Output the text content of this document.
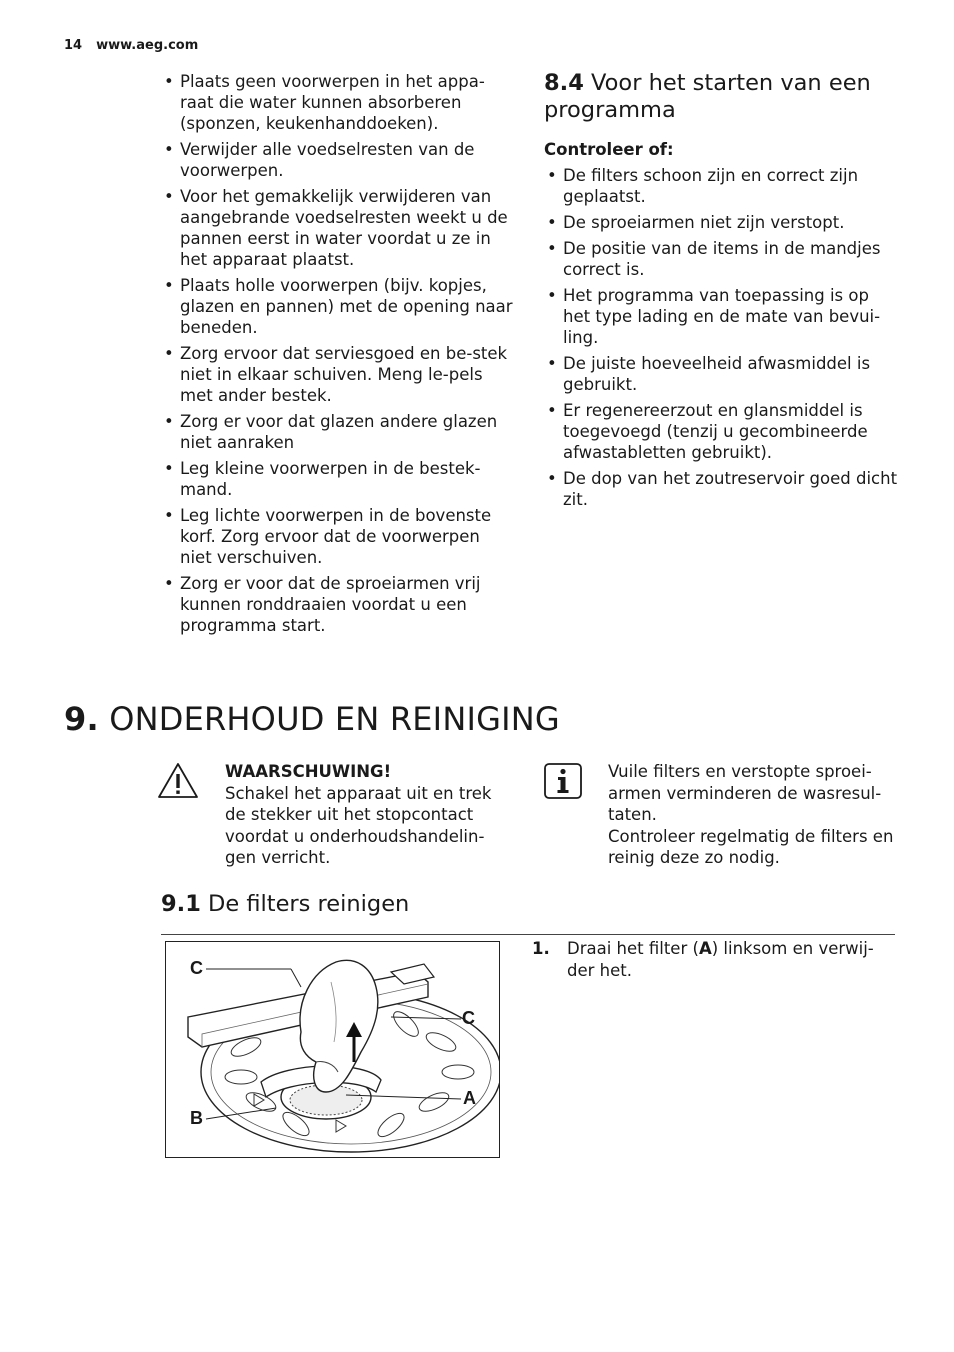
14 www.aeg.com
• Plaats geen voorwerpen in het appa-raat die water kunnen absorberen (sponzen, keukenhanddoeken).
• Verwijder alle voedselresten van de voorwerpen.
• Voor het gemakkelijk verwijderen van aangebrande voedselresten weekt u de pannen eerst in water voordat u ze in het apparaat plaatst.
• Plaats holle voorwerpen (bijv. kopjes, glazen en pannen) met de opening naar beneden.
• Zorg ervoor dat serviesgoed en be-stek niet in elkaar schuiven. Meng le-pels met ander bestek.
• Zorg er voor dat glazen andere glazen niet aanraken
• Leg kleine voorwerpen in de bestek-mand.
• Leg lichte voorwerpen in de bovenste korf. Zorg ervoor dat de voorwerpen niet verschuiven.
• Zorg er voor dat de sproeiarmen vrij kunnen ronddraaien voordat u een programma start.
8.4 Voor het starten van een programma
Controleer of:
• De filters schoon zijn en correct zijn geplaatst.
• De sproeiarmen niet zijn verstopt.
• De positie van de items in de mandjes correct is.
• Het programma van toepassing is op het type lading en de mate van bevui-ling.
• De juiste hoeveelheid afwasmiddel is gebruikt.
• Er regenereerzout en glansmiddel is toegevoegd (tenzij u gecombineerde afwastabletten gebruikt).
• De dop van het zoutreservoir goed dicht zit.
9. ONDERHOUD EN REINIGING
WAARSCHUWING!
Schakel het apparaat uit en trek de stekker uit het stopcontact voordat u onderhoudshandelin-gen verricht.
Vuile filters en verstopte sproei-armen verminderen de wasresul-taten.
Controleer regelmatig de filters en reinig deze zo nodig.
9.1 De filters reinigen
1.	Draai het filter (A) linksom en verwij-der het.
C
C
A
B
